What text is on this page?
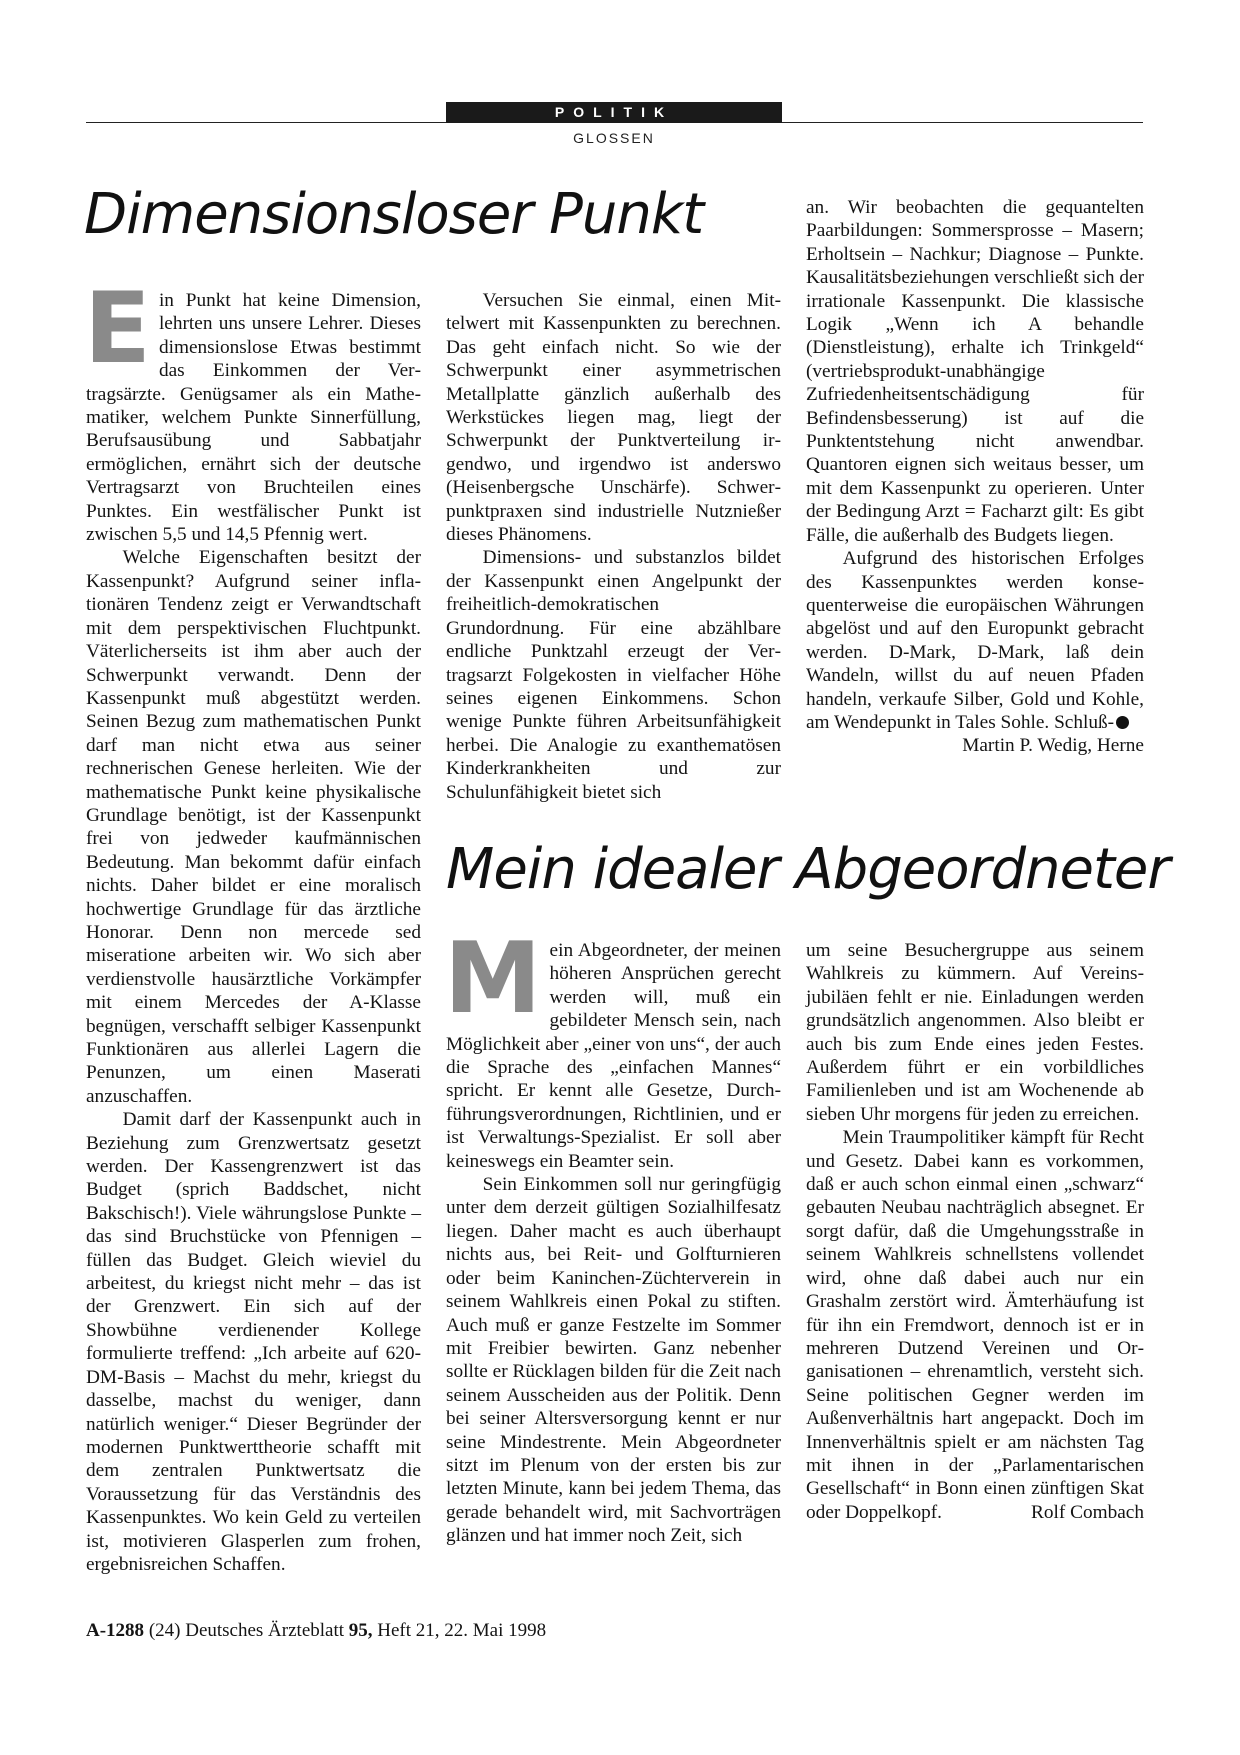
POLITIK
GLOSSEN
Dimensionsloser Punkt

Ein Punkt hat keine Dimension, lehrten uns unsere Lehrer. Dieses dimensionslose Etwas bestimmt das Einkommen der Vertragsärzte. Genügsamer als ein Mathematiker, welchem Punkte Sinnerfüllung, Berufsausübung und Sabbatjahr ermöglichen, ernährt sich der deutsche Vertragsarzt von Bruchteilen eines Punktes. Ein westfälischer Punkt ist zwischen 5,5 und 14,5 Pfennig wert.

Welche Eigenschaften besitzt der Kassenpunkt? Aufgrund seiner inflationären Tendenz zeigt er Verwandtschaft mit dem perspektivischen Fluchtpunkt. Väterlicherseits ist ihm aber auch der Schwerpunkt verwandt. Denn der Kassenpunkt muß abgestützt werden. Seinen Bezug zum mathematischen Punkt darf man nicht etwa aus seiner rechnerischen Genese herleiten. Wie der mathematische Punkt keine physikalische Grundlage benötigt, ist der Kassenpunkt frei von jedweder kaufmännischen Bedeutung. Man bekommt dafür einfach nichts. Daher bildet er eine moralisch hochwertige Grundlage für das ärztliche Honorar. Denn non mercede sed miseratione arbeiten wir. Wo sich aber verdienstvolle hausärztliche Vorkämpfer mit einem Mercedes der A-Klasse begnügen, verschafft selbiger Kassenpunkt Funktionären aus allerlei Lagern die Penunzen, um einen Maserati anzuschaffen.

Damit darf der Kassenpunkt auch in Beziehung zum Grenzwertsatz gesetzt werden. Der Kassengrenzwert ist das Budget (sprich Baddschet, nicht Bakschisch!). Viele währungslose Punkte – das sind Bruchstücke von Pfennigen – füllen das Budget. Gleich wieviel du arbeitest, du kriegst nicht mehr – das ist der Grenzwert. Ein sich auf der Showbühne verdienender Kollege formulierte treffend: „Ich arbeite auf 620-DM-Basis – Machst du mehr, kriegst du dasselbe, machst du weniger, dann natürlich weniger.“ Dieser Begründer der modernen Punktwerttheorie schafft mit dem zentralen Punktwertsatz die Voraussetzung für das Verständnis des Kassenpunktes. Wo kein Geld zu verteilen ist, motivieren Glasperlen zum frohen, ergebnisreichen Schaffen.

Versuchen Sie einmal, einen Mittelwert mit Kassenpunkten zu berechnen. Das geht einfach nicht. So wie der Schwerpunkt einer asymmetrischen Metallplatte gänzlich außerhalb des Werkstückes liegen mag, liegt der Schwerpunkt der Punktverteilung irgendwo, und irgendwo ist anderswo (Heisenbergsche Unschärfe). Schwerpunktpraxen sind industrielle Nutznießer dieses Phänomens.

Dimensions- und substanzlos bildet der Kassenpunkt einen Angelpunkt der freiheitlich-demokratischen Grundordnung. Für eine abzählbare endliche Punktzahl erzeugt der Vertragsarzt Folgekosten in vielfacher Höhe seines eigenen Einkommens. Schon wenige Punkte führen Arbeitsunfähigkeit herbei. Die Analogie zu exanthematösen Kinderkrankheiten und zur Schulunfähigkeit bietet sich

an. Wir beobachten die gequantelten Paarbildungen: Sommersprosse – Masern; Erholtsein – Nachkur; Diagnose – Punkte. Kausalitätsbeziehungen verschließt sich der irrationale Kassenpunkt. Die klassische Logik „Wenn ich A behandle (Dienstleistung), erhalte ich Trinkgeld“ (vertriebsprodukt-unabhängige Zufriedenheitsentschädigung für Befindensbesserung) ist auf die Punktentstehung nicht anwendbar. Quantoren eignen sich weitaus besser, um mit dem Kassenpunkt zu operieren. Unter der Bedingung Arzt = Facharzt gilt: Es gibt Fälle, die außerhalb des Budgets liegen.

Aufgrund des historischen Erfolges des Kassenpunktes werden konsequenterweise die europäischen Währungen abgelöst und auf den Europunkt gebracht werden. D-Mark, D-Mark, laß dein Wandeln, willst du auf neuen Pfaden handeln, verkaufe Silber, Gold und Kohle, am Wendepunkt in Tales Sohle. Schluß-

Martin P. Wedig, Herne

Mein idealer Abgeordneter

Mein Abgeordneter, der meinen höheren Ansprüchen gerecht werden will, muß ein gebildeter Mensch sein, nach Möglichkeit aber „einer von uns“, der auch die Sprache des „einfachen Mannes“ spricht. Er kennt alle Gesetze, Durchführungsverordnungen, Richtlinien, und er ist Verwaltungs-Spezialist. Er soll aber keineswegs ein Beamter sein.

Sein Einkommen soll nur geringfügig unter dem derzeit gültigen Sozialhilfesatz liegen. Daher macht es auch überhaupt nichts aus, bei Reit- und Golfturnieren oder beim Kaninchen-Züchterverein in seinem Wahlkreis einen Pokal zu stiften. Auch muß er ganze Festzelte im Sommer mit Freibier bewirten. Ganz nebenher sollte er Rücklagen bilden für die Zeit nach seinem Ausscheiden aus der Politik. Denn bei seiner Altersversorgung kennt er nur seine Mindestrente. Mein Abgeordneter sitzt im Plenum von der ersten bis zur letzten Minute, kann bei jedem Thema, das gerade behandelt wird, mit Sachvorträgen glänzen und hat immer noch Zeit, sich

um seine Besuchergruppe aus seinem Wahlkreis zu kümmern. Auf Vereinsjubiläen fehlt er nie. Einladungen werden grundsätzlich angenommen. Also bleibt er auch bis zum Ende eines jeden Festes. Außerdem führt er ein vorbildliches Familienleben und ist am Wochenende ab sieben Uhr morgens für jeden zu erreichen.

Mein Traumpolitiker kämpft für Recht und Gesetz. Dabei kann es vorkommen, daß er auch schon einmal einen „schwarz“ gebauten Neubau nachträglich absegnet. Er sorgt dafür, daß die Umgehungsstraße in seinem Wahlkreis schnellstens vollendet wird, ohne daß dabei auch nur ein Grashalm zerstört wird. Ämterhäufung ist für ihn ein Fremdwort, dennoch ist er in mehreren Dutzend Vereinen und Organisationen – ehrenamtlich, versteht sich. Seine politischen Gegner werden im Außenverhältnis hart angepackt. Doch im Innenverhältnis spielt er am nächsten Tag mit ihnen in der „Parlamentarischen Gesellschaft“ in Bonn einen zünftigen Skat oder Doppelkopf.	Rolf Combach

A-1288 (24) Deutsches Ärzteblatt 95, Heft 21, 22. Mai 1998
